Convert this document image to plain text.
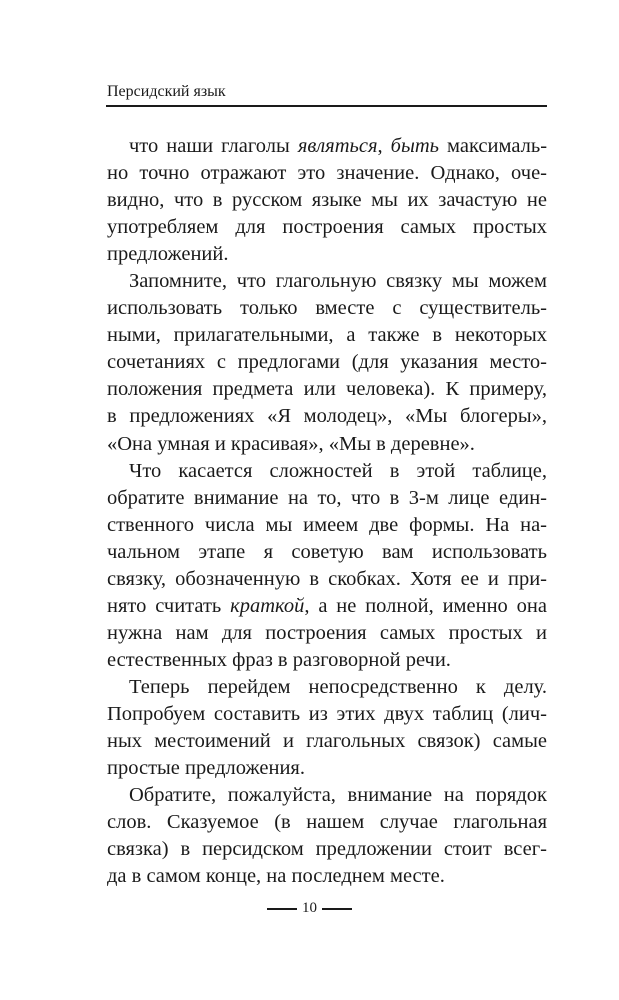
Персидский язык
что наши глаголы являться, быть максималь-
но точно отражают это значение. Однако, оче-
видно, что в русском языке мы их зачастую не
употребляем для построения самых простых
предложений.
Запомните, что глагольную связку мы можем
использовать только вместе с существитель-
ными, прилагательными, а также в некоторых
сочетаниях с предлогами (для указания место-
положения предмета или человека). К примеру,
в предложениях «Я молодец», «Мы блогеры»,
«Она умная и красивая», «Мы в деревне».
Что касается сложностей в этой таблице,
обратите внимание на то, что в 3-м лице един-
ственного числа мы имеем две формы. На на-
чальном этапе я советую вам использовать
связку, обозначенную в скобках. Хотя ее и при-
нято считать краткой, а не полной, именно она
нужна нам для построения самых простых и
естественных фраз в разговорной речи.
Теперь перейдем непосредственно к делу.
Попробуем составить из этих двух таблиц (лич-
ных местоимений и глагольных связок) самые
простые предложения.
Обратите, пожалуйста, внимание на порядок
слов. Сказуемое (в нашем случае глагольная
связка) в персидском предложении стоит всег-
да в самом конце, на последнем месте.
10
